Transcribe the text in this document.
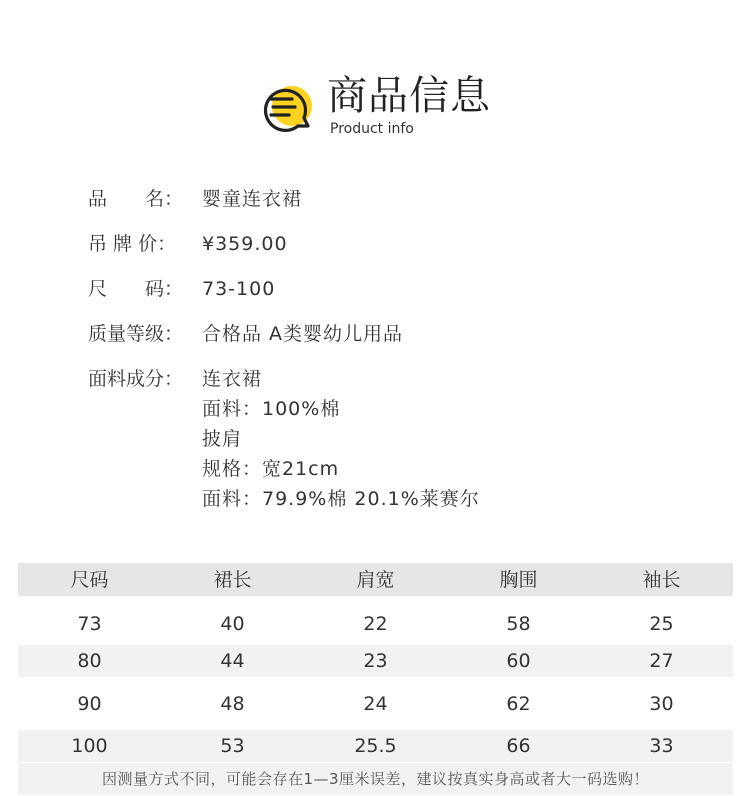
商品信息
Product info
品　　名： 婴童连衣裙
吊 牌 价：	¥359.00
尺　　码： 73-100
质量等级： 合格品 A类婴幼儿用品
面料成分： 连衣裙
面料：100%棉
披肩
规格：宽21cm
面料：79.9%棉 20.1%莱赛尔
尺码	裙长	肩宽	胸围	袖长
73	40	22	58	25
80	44	23	60	27
90	48	24	62	30
100	53	25.5	66	33
因测量方式不同，可能会存在1—3厘米误差，建议按真实身高或者大一码选购！
